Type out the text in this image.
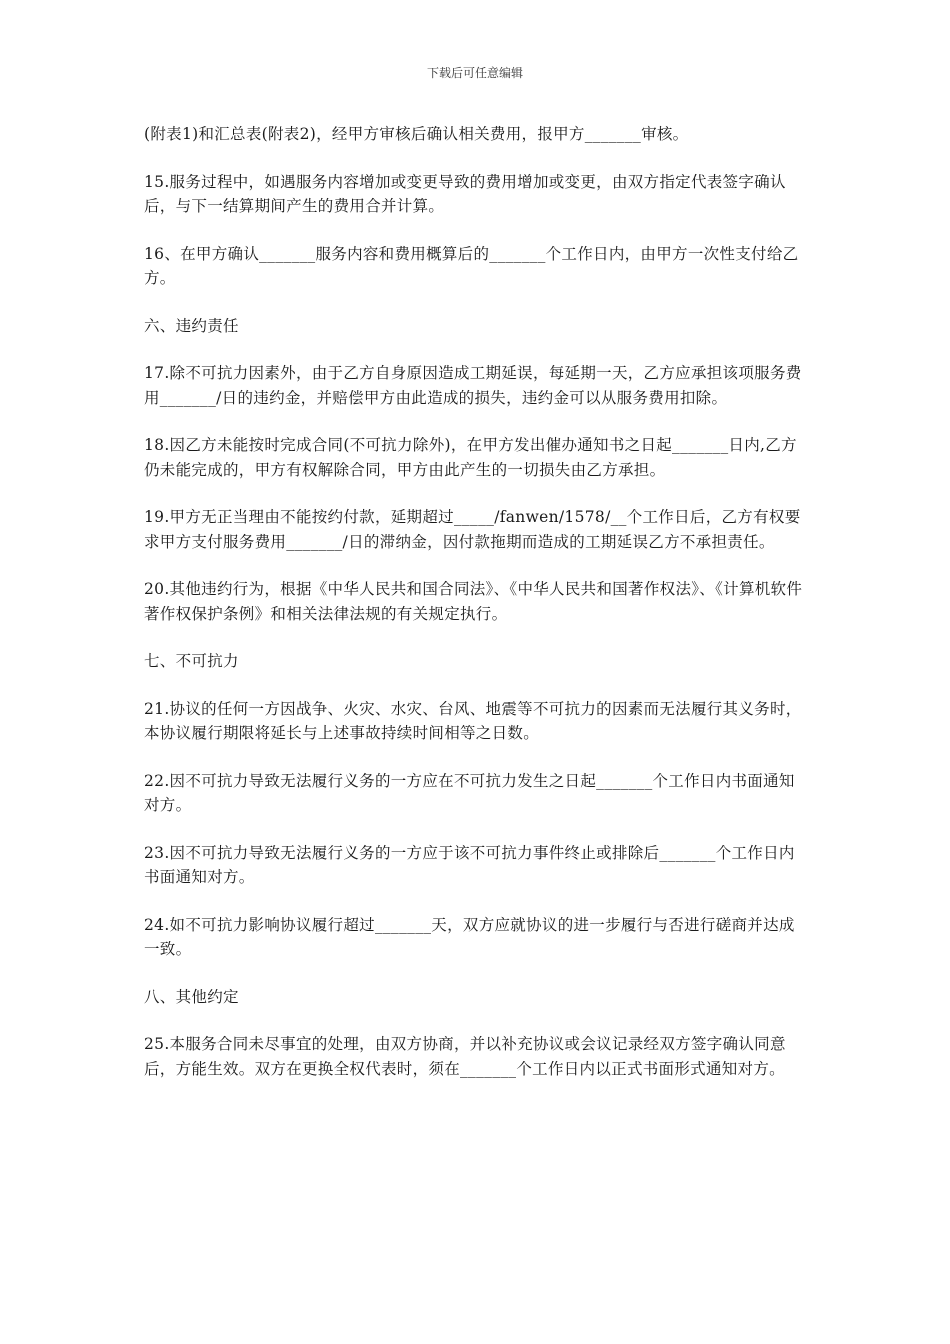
下载后可任意编辑

(附表1)和汇总表(附表2)，经甲方审核后确认相关费用，报甲方_______审核。

15.服务过程中，如遇服务内容增加或变更导致的费用增加或变更，由双方指定代表签字确认后，与下一结算期间产生的费用合并计算。

16、在甲方确认_______服务内容和费用概算后的_______个工作日内，由甲方一次性支付给乙方。

六、违约责任

17.除不可抗力因素外，由于乙方自身原因造成工期延误，每延期一天，乙方应承担该项服务费用_______/日的违约金，并赔偿甲方由此造成的损失，违约金可以从服务费用扣除。

18.因乙方未能按时完成合同(不可抗力除外)，在甲方发出催办通知书之日起_______日内,乙方仍未能完成的，甲方有权解除合同，甲方由此产生的一切损失由乙方承担。

19.甲方无正当理由不能按约付款，延期超过_____/fanwen/1578/__个工作日后，乙方有权要求甲方支付服务费用_______/日的滞纳金，因付款拖期而造成的工期延误乙方不承担责任。

20.其他违约行为，根据《中华人民共和国合同法》、《中华人民共和国著作权法》、《计算机软件著作权保护条例》和相关法律法规的有关规定执行。

七、不可抗力

21.协议的任何一方因战争、火灾、水灾、台风、地震等不可抗力的因素而无法履行其义务时，本协议履行期限将延长与上述事故持续时间相等之日数。

22.因不可抗力导致无法履行义务的一方应在不可抗力发生之日起_______个工作日内书面通知对方。

23.因不可抗力导致无法履行义务的一方应于该不可抗力事件终止或排除后_______个工作日内书面通知对方。

24.如不可抗力影响协议履行超过_______天，双方应就协议的进一步履行与否进行磋商并达成一致。

八、其他约定

25.本服务合同未尽事宜的处理，由双方协商，并以补充协议或会议记录经双方签字确认同意后，方能生效。双方在更换全权代表时，须在_______个工作日内以正式书面形式通知对方。
